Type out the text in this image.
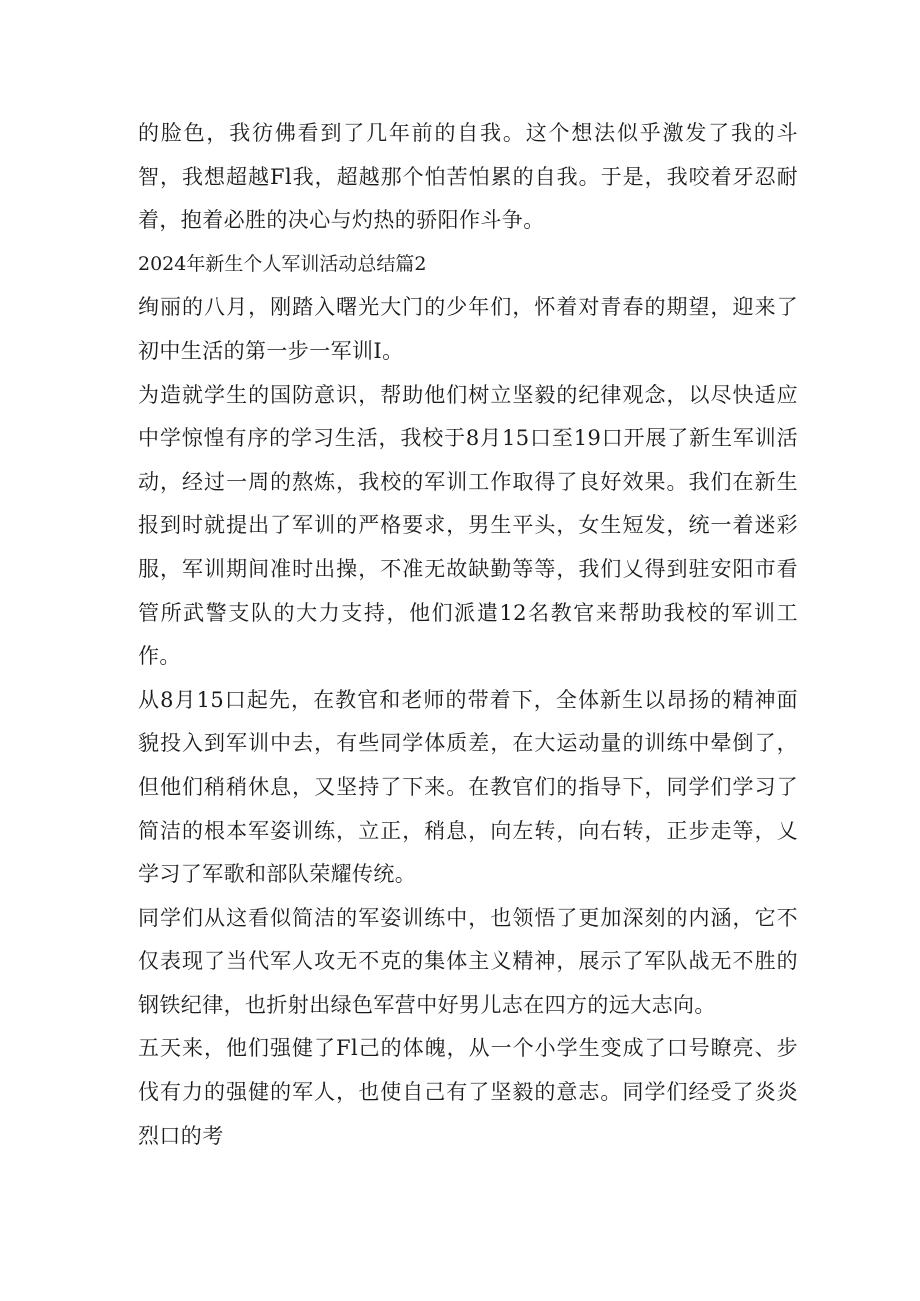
的脸色，我彷佛看到了几年前的自我。这个想法似乎激发了我的斗智，我想超越Fl我，超越那个怕苦怕累的自我。于是，我咬着牙忍耐着，抱着必胜的决心与灼热的骄阳作斗争。

2024年新生个人军训活动总结篇2

绚丽的八月，刚踏入曙光大门的少年们，怀着对青春的期望，迎来了初中生活的第一步一军训I。

为造就学生的国防意识，帮助他们树立坚毅的纪律观念，以尽快适应中学惊惶有序的学习生活，我校于8月15口至19口开展了新生军训活动，经过一周的熬炼，我校的军训工作取得了良好效果。我们在新生报到时就提出了军训的严格要求，男生平头，女生短发，统一着迷彩服，军训期间准时出操，不准无故缺勤等等，我们乂得到驻安阳市看管所武警支队的大力支持，他们派遣12名教官来帮助我校的军训工作。

从8月15口起先，在教官和老师的带着下，全体新生以昂扬的精神面貌投入到军训中去，有些同学体质差，在大运动量的训练中晕倒了，但他们稍稍休息，又坚持了下来。在教官们的指导下，同学们学习了简洁的根本军姿训练，立正，稍息，向左转，向右转，正步走等，乂学习了军歌和部队荣耀传统。

同学们从这看似简洁的军姿训练中，也领悟了更加深刻的内涵，它不仅表现了当代军人攻无不克的集体主义精神，展示了军队战无不胜的钢铁纪律，也折射出绿色军营中好男儿志在四方的远大志向。

五天来，他们强健了Fl己的体魄，从一个小学生变成了口号瞭亮、步伐有力的强健的军人，也使自己有了坚毅的意志。同学们经受了炎炎烈口的考
